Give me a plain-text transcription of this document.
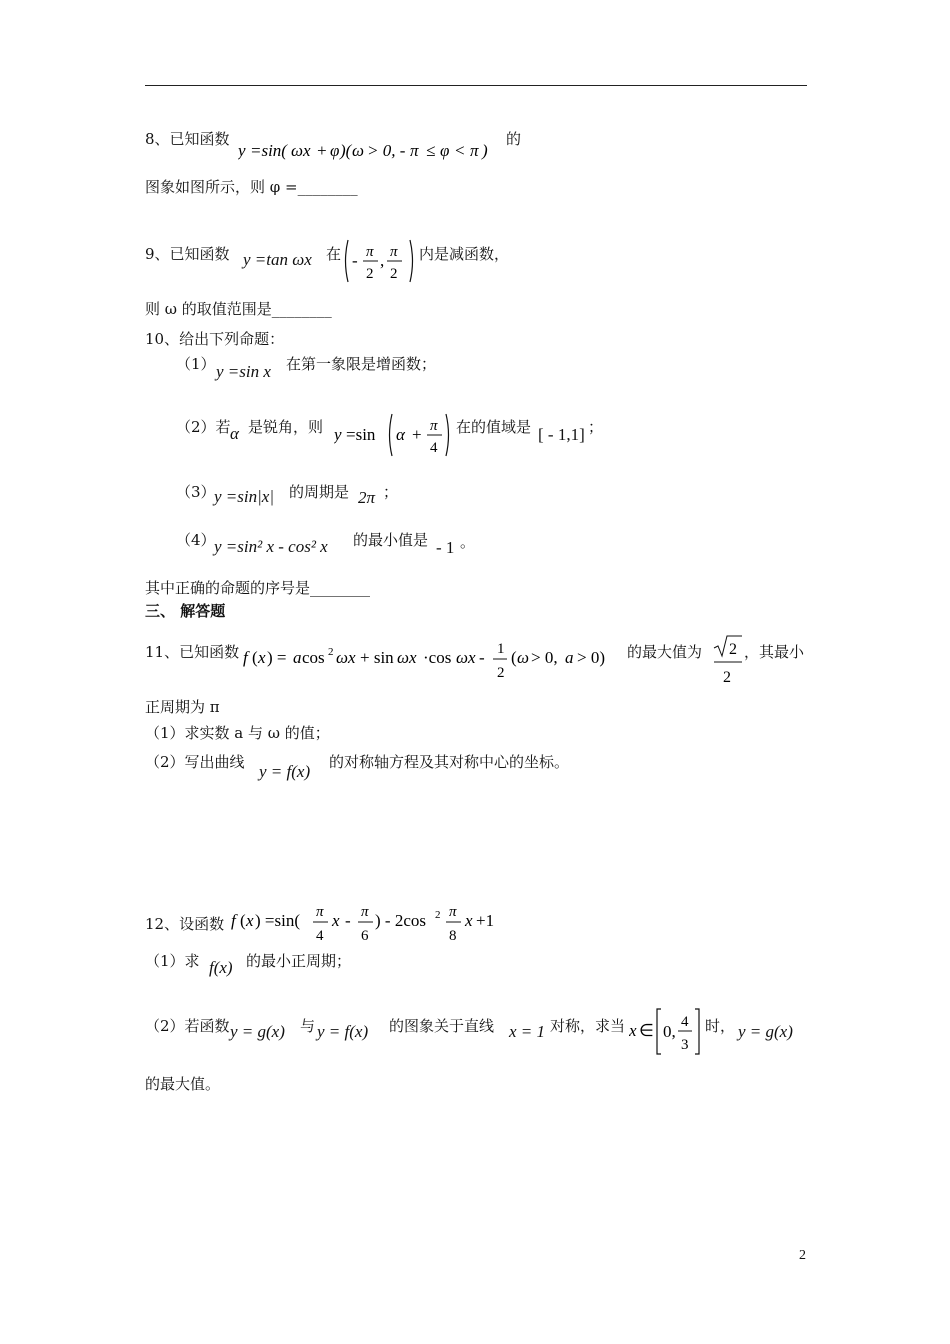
8、已知函数
y =sin( ωx + φ )( ω > 0, - π ≤ φ < π )
的
图象如图所示，则 φ =________
9、已知函数 y =tan ωx 在 - π
2
, π
2
内是减函数，
则 ω 的取值范围是________
10、给出下列命题：
（1） y =sin x 在第一象限是增函数；
（2）若 α 是锐角，则 y =sin α + π
4
在的值域是 [ - 1,1] ；
（3）
y =sin|x| 的周期是 2π ；
（4）
y =sin² x - cos² x 的最小值是 - 1 。
其中正确的命题的序号是________
三、 解答题
11、已知函数 f ( x ) = a cos 2 ωx + sin ωx ·cos ωx - 1
2
( ω > 0, a > 0) 的最大值为 2
2
，其最小
正周期为 π
（1）求实数 a 与 ω 的值；
（2）写出曲线 y = f(x) 的对称轴方程及其对称中心的坐标。
12、设函数 f ( x ) =sin( π
4
x - π
6
) - 2cos 2 π
8
x +1
（1）求 f(x) 的最小正周期；
（2）若函数 y = g(x) 与 y = f(x) 的图象关于直线 x = 1 对称，求当 x ∈ 0, 4
3
时， y = g(x)
的最大值。
2
